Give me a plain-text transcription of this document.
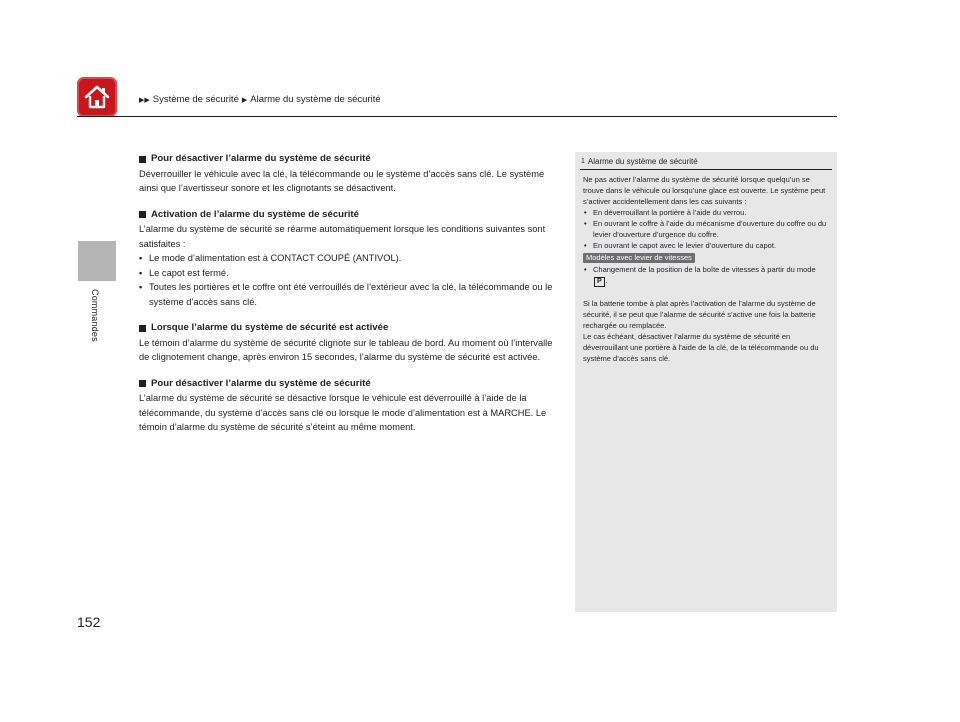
▶▶ Système de sécurité ▶ Alarme du système de sécurité
Commandes
Pour désactiver l’alarme du système de sécurité

Déverrouiller le véhicule avec la clé, la télécommande ou le système d’accès sans clé. Le système ainsi que l’avertisseur sonore et les clignotants se désactivent.

Activation de l’alarme du système de sécurité

L’alarme du système de sécurité se réarme automatiquement lorsque les conditions suivantes sont satisfaites :

• Le mode d’alimentation est à CONTACT COUPÉ (ANTIVOL).
• Le capot est fermé.
• Toutes les portières et le coffre ont été verrouillés de l’extérieur avec la clé, la télécommande ou le système d’accès sans clé.
Lorsque l’alarme du système de sécurité est activée

Le témoin d’alarme du système de sécurité clignote sur le tableau de bord. Au moment où l’intervalle de clignotement change, après environ 15 secondes, l’alarme du système de sécurité est activée.

Pour désactiver l’alarme du système de sécurité

L’alarme du système de sécurité se désactive lorsque le véhicule est déverrouillé à l’aide de la télécommande, du système d’accès sans clé ou lorsque le mode d’alimentation est à MARCHE. Le témoin d’alarme du système de sécurité s’éteint au même moment.

1 Alarme du système de sécurité

Ne pas activer l’alarme du système de sécurité lorsque quelqu’un se trouve dans le véhicule ou lorsqu’une glace est ouverte. Le système peut s’activer accidentellement dans les cas suivants :

• En déverrouillant la portière à l’aide du verrou.
• En ouvrant le coffre à l’aide du mécanisme d’ouverture du coffre ou du levier d’ouverture d’urgence du coffre.
• En ouvrant le capot avec le levier d’ouverture du capot.
Modèles avec levier de vitesses
• Changement de la position de la boîte de vitesses à partir du mode P .

Si la batterie tombe à plat après l’activation de l’alarme du système de sécurité, il se peut que l’alarme de sécurité s’active une fois la batterie rechargée ou remplacée.

Le cas échéant, désactiver l’alarme du système de sécurité en déverrouillant une portière à l’aide de la clé, de la télécommande ou du système d’accès sans clé.

152
